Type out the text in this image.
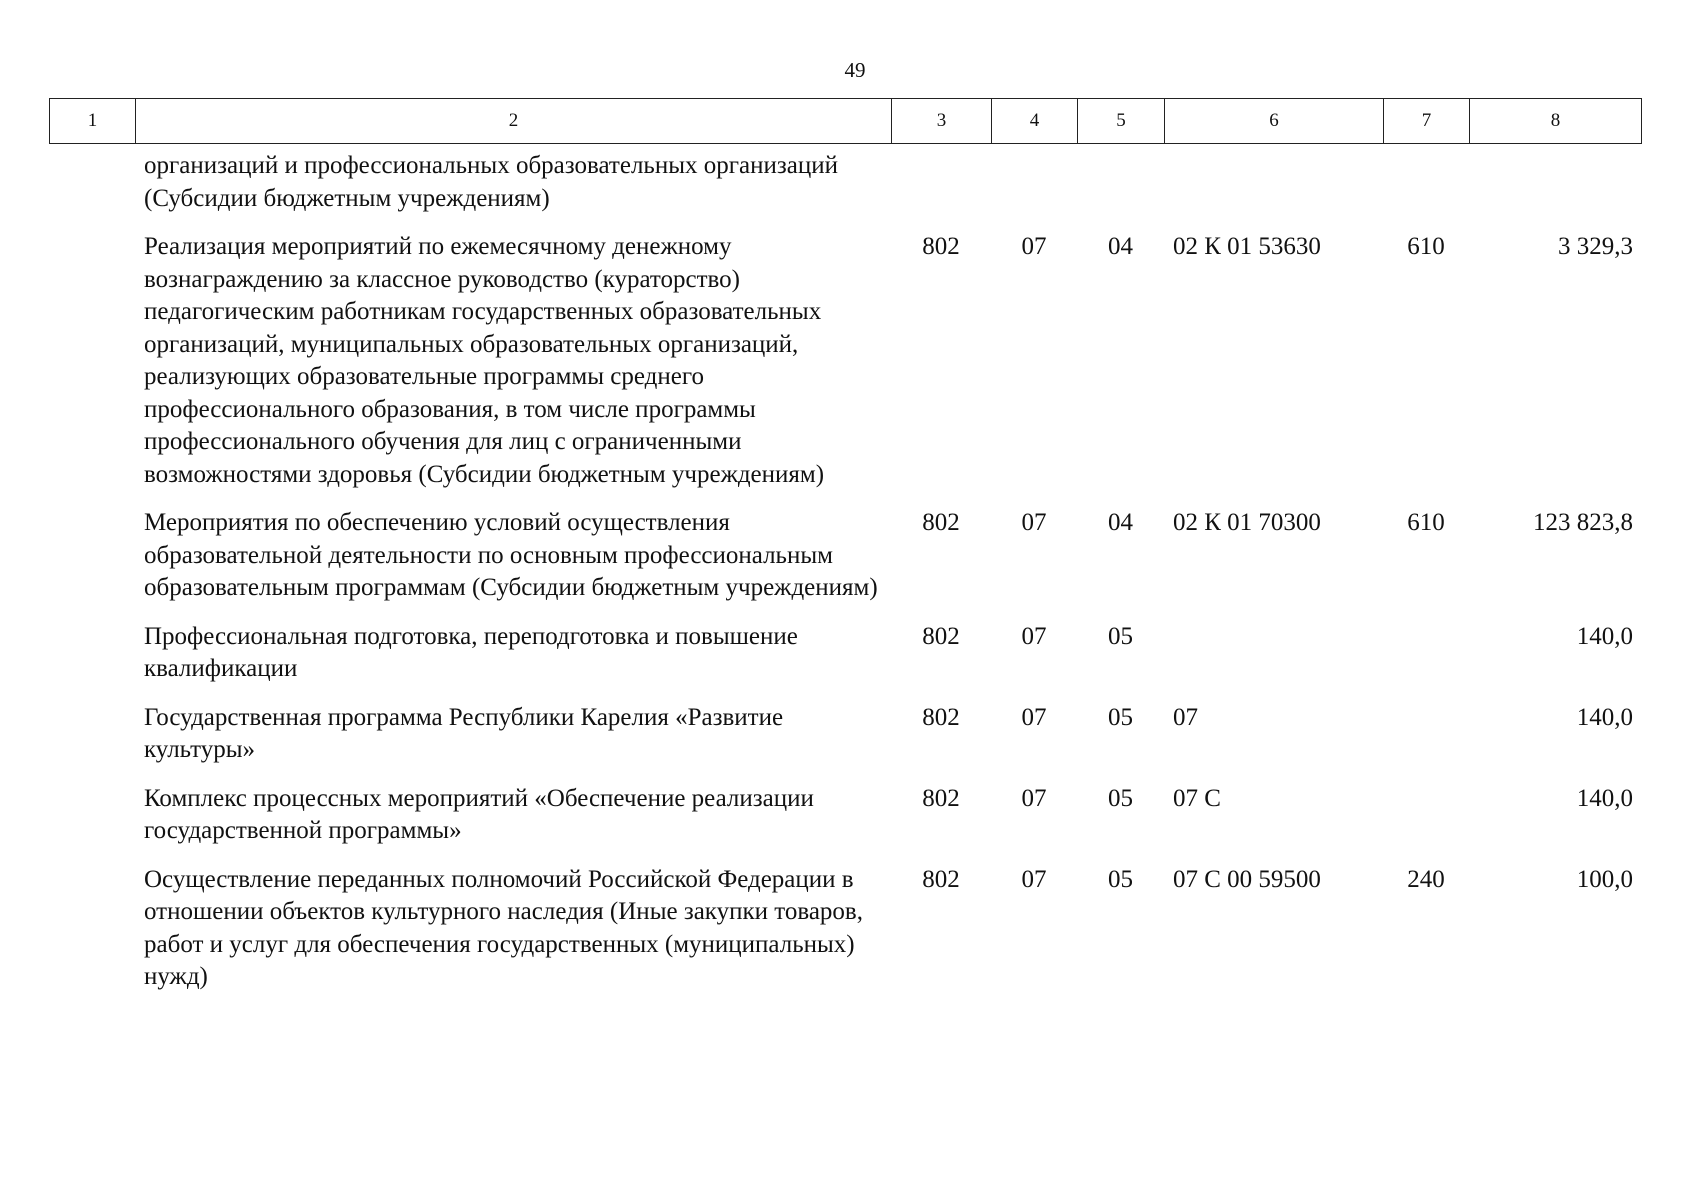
49
1	2	3	4	5	6	7	8
	организаций и профессиональных образовательных организаций (Субсидии бюджетным учреждениям)						
	Реализация мероприятий по ежемесячному денежному вознаграждению за классное руководство (кураторство) педагогическим работникам государственных образовательных организаций, муниципальных образовательных организаций, реализующих образовательные программы среднего профессионального образования, в том числе программы профессионального обучения для лиц с ограниченными возможностями здоровья (Субсидии бюджетным учреждениям)	802	07	04	02 К 01 53630	610	3 329,3
	Мероприятия по обеспечению условий осуществления образовательной деятельности по основным профессиональным образовательным программам (Субсидии бюджетным учреждениям)	802	07	04	02 К 01 70300	610	123 823,8
	Профессиональная подготовка, переподготовка и повышение квалификации	802	07	05			140,0
	Государственная программа Республики Карелия «Развитие культуры»	802	07	05	07		140,0
	Комплекс процессных мероприятий «Обеспечение реализации государственной программы»	802	07	05	07 С		140,0
	Осуществление переданных полномочий Российской Федерации в отношении объектов культурного наследия (Иные закупки товаров, работ и услуг для обеспечения государственных (муниципальных) нужд)	802	07	05	07 С 00 59500	240	100,0
